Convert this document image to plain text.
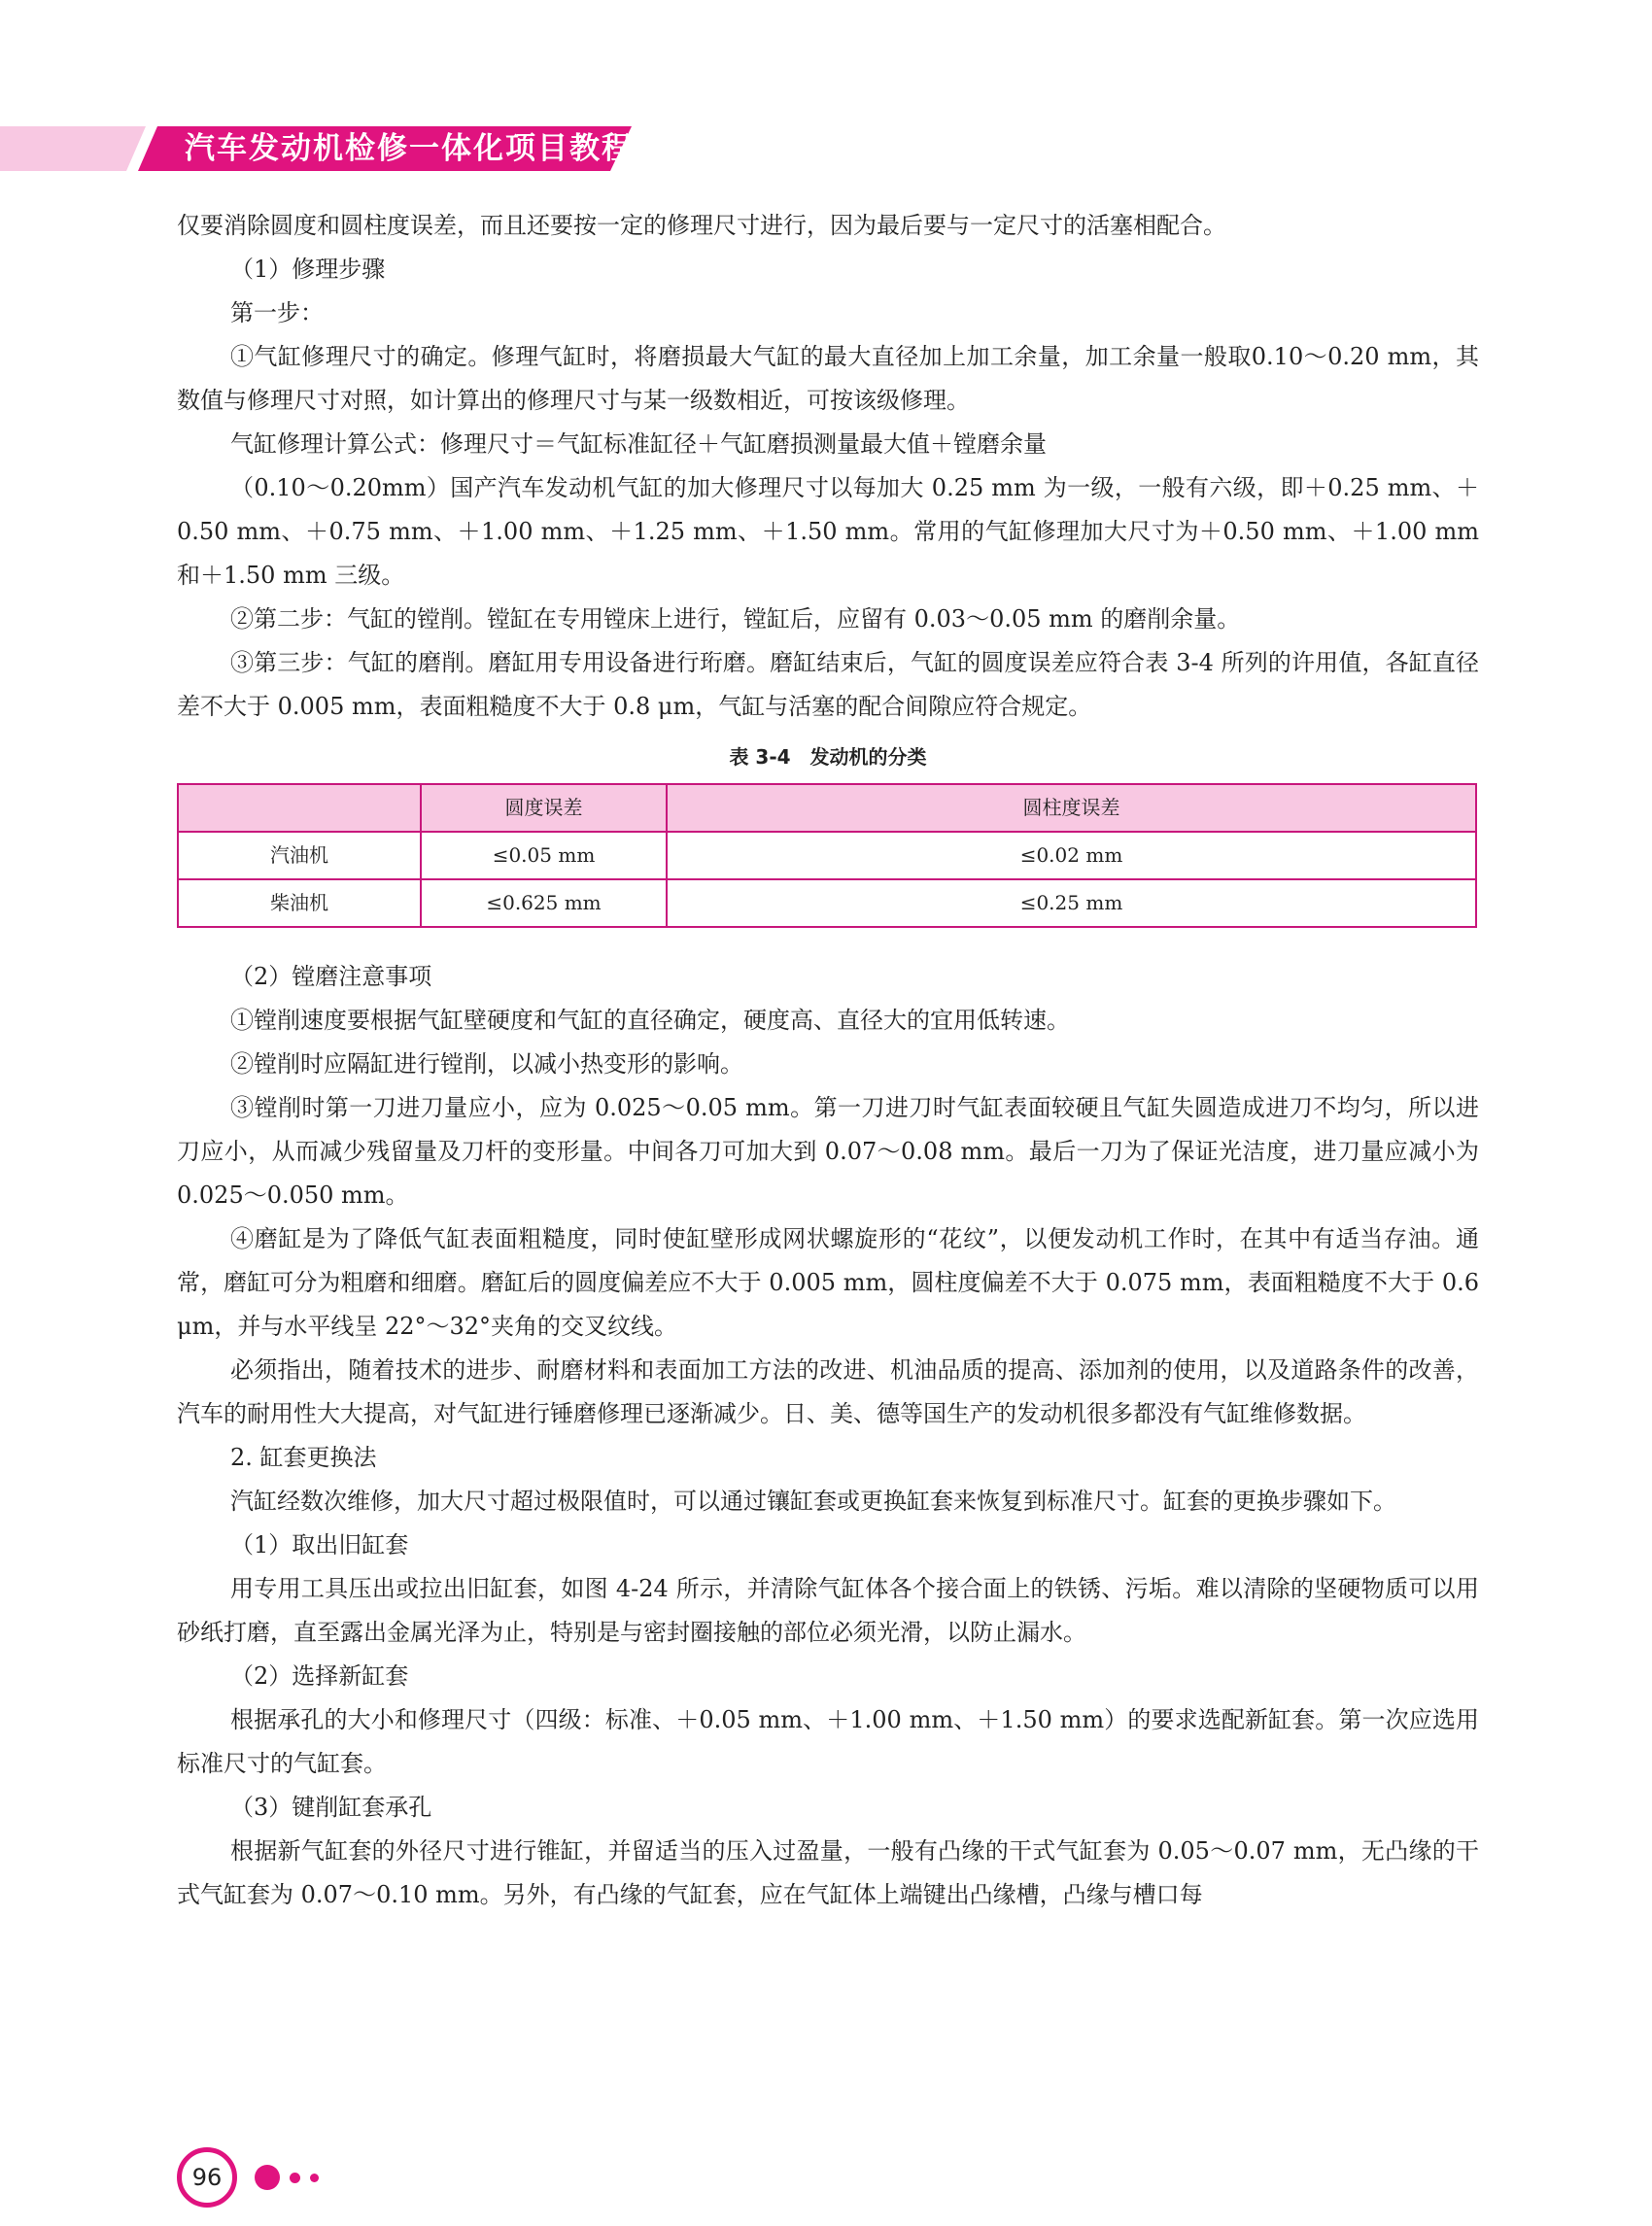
汽车发动机检修一体化项目教程

仅要消除圆度和圆柱度误差，而且还要按一定的修理尺寸进行，因为最后要与一定尺寸的活塞相配合。

（1）修理步骤

第一步：

①气缸修理尺寸的确定。修理气缸时，将磨损最大气缸的最大直径加上加工余量，加工余量一般取0.10～0.20 mm，其数值与修理尺寸对照，如计算出的修理尺寸与某一级数相近，可按该级修理。

气缸修理计算公式：修理尺寸＝气缸标准缸径＋气缸磨损测量最大值＋镗磨余量

（0.10～0.20mm）国产汽车发动机气缸的加大修理尺寸以每加大 0.25 mm 为一级，一般有六级，即＋0.25 mm、＋0.50 mm、＋0.75 mm、＋1.00 mm、＋1.25 mm、＋1.50 mm。常用的气缸修理加大尺寸为＋0.50 mm、＋1.00 mm 和＋1.50 mm 三级。

②第二步：气缸的镗削。镗缸在专用镗床上进行，镗缸后，应留有 0.03～0.05 mm 的磨削余量。

③第三步：气缸的磨削。磨缸用专用设备进行珩磨。磨缸结束后，气缸的圆度误差应符合表 3-4 所列的许用值，各缸直径差不大于 0.005 mm，表面粗糙度不大于 0.8 μm，气缸与活塞的配合间隙应符合规定。

表 3-4　发动机的分类
	圆度误差	圆柱度误差
汽油机	≤0.05 mm	≤0.02 mm
柴油机	≤0.625 mm	≤0.25 mm

（2）镗磨注意事项

①镗削速度要根据气缸壁硬度和气缸的直径确定，硬度高、直径大的宜用低转速。

②镗削时应隔缸进行镗削，以减小热变形的影响。

③镗削时第一刀进刀量应小，应为 0.025～0.05 mm。第一刀进刀时气缸表面较硬且气缸失圆造成进刀不均匀，所以进刀应小，从而减少残留量及刀杆的变形量。中间各刀可加大到 0.07～0.08 mm。最后一刀为了保证光洁度，进刀量应减小为 0.025～0.050 mm。

④磨缸是为了降低气缸表面粗糙度，同时使缸壁形成网状螺旋形的“花纹”，以便发动机工作时，在其中有适当存油。通常，磨缸可分为粗磨和细磨。磨缸后的圆度偏差应不大于 0.005 mm，圆柱度偏差不大于 0.075 mm，表面粗糙度不大于 0.6 μm，并与水平线呈 22°～32°夹角的交叉纹线。

必须指出，随着技术的进步、耐磨材料和表面加工方法的改进、机油品质的提高、添加剂的使用，以及道路条件的改善，汽车的耐用性大大提高，对气缸进行锤磨修理已逐渐减少。日、美、德等国生产的发动机很多都没有气缸维修数据。

2. 缸套更换法

汽缸经数次维修，加大尺寸超过极限值时，可以通过镶缸套或更换缸套来恢复到标准尺寸。缸套的更换步骤如下。

（1）取出旧缸套

用专用工具压出或拉出旧缸套，如图 4-24 所示，并清除气缸体各个接合面上的铁锈、污垢。难以清除的坚硬物质可以用砂纸打磨，直至露出金属光泽为止，特别是与密封圈接触的部位必须光滑，以防止漏水。

（2）选择新缸套

根据承孔的大小和修理尺寸（四级：标准、＋0.05 mm、＋1.00 mm、＋1.50 mm）的要求选配新缸套。第一次应选用标准尺寸的气缸套。

（3）键削缸套承孔

根据新气缸套的外径尺寸进行锥缸，并留适当的压入过盈量，一般有凸缘的干式气缸套为 0.05～0.07 mm，无凸缘的干式气缸套为 0.07～0.10 mm。另外，有凸缘的气缸套，应在气缸体上端键出凸缘槽，凸缘与槽口每

96
